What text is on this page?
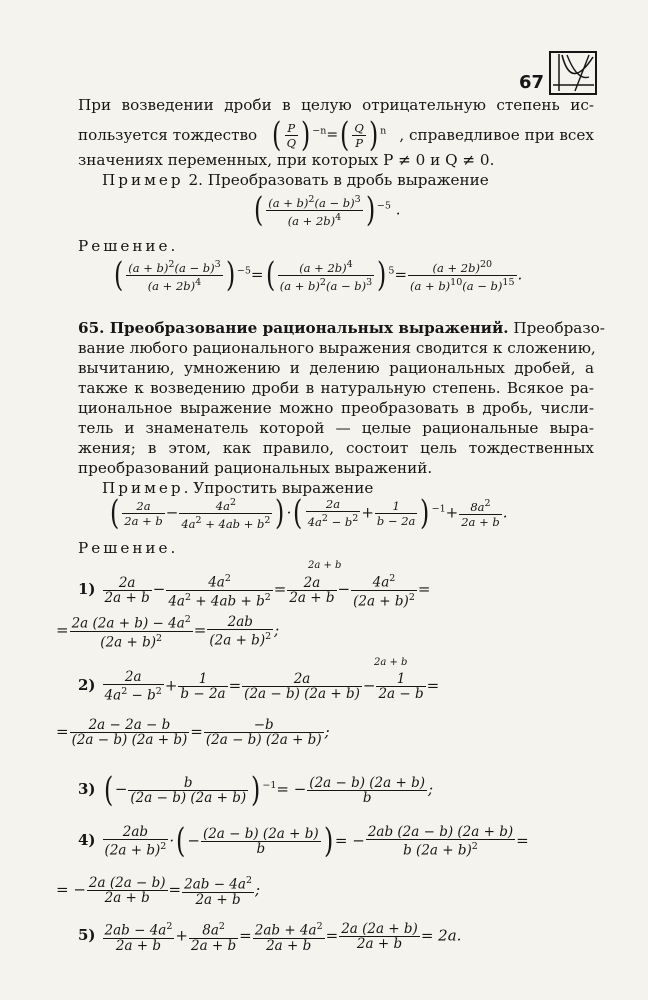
67
При возведении дроби в целую отрицательную степень ис-
пользуется тождество ( $\frac{P}{Q}$ ) $^{-n}=( \frac{Q}{P}$ ) $^n$ , справедливое при всех
значениях переменных, при которых P ≠ 0 и Q ≠ 0.
Пример 2. Преобразовать в дробь выражение
( $\frac{(a + b)^2(a - b)^3}{(a + 2b)^4}$ ) $^{-5}$ .
Решение.
( $\frac{(a + b)^2(a - b)^3}{(a + 2b)^4}$ ) $^{-5}=( \frac{(a + 2b)^4}{(a + b)^2(a - b)^3}$ ) $^5= \frac{(a + 2b)^{20}}{(a + b)^{10}(a - b)^{15}}$ .
65. Преобразование рациональных выражений. Преобразо-
вание любого рационального выражения сводится к сложению,
вычитанию, умножению и делению рациональных дробей, а
также к возведению дроби в натуральную степень. Всякое ра-
циональное выражение можно преобразовать в дробь, числи-
тель и знаменатель которой — целые рациональные выра-
жения; в этом, как правило, состоит цель тождественных
преобразований рациональных выражений.
Пример. Упростить выражение
( $\frac{2a}{2a + b} - \frac{4a^2}{4a^2 + 4ab + b^2}$ ) ·( $\frac{2a}{4a^2 - b^2} + \frac{1}{b - 2a}$ ) $^{-1}+ \frac{8a^2}{2a + b}$ .
Решение.
2a + b
$1) \frac{2a}{2a + b} - \frac{4a^2}{4a^2 + 4ab + b^2} = \frac{2a}{2a + b} - \frac{4a^2}{(2a + b)^2}$ =
= $\frac{2a (2a + b) - 4a^2}{(2a + b)^2} = \frac{2ab}{(2a + b)^2}$ ;
2a + b
$2) \frac{2a}{4a^2 - b^2} + \frac{1}{b - 2a} = \frac{2a}{(2a - b) (2a + b)} - \frac{1}{2a - b}$ =
= $\frac{2a - 2a - b}{(2a - b) (2a + b)} = \frac{-b}{(2a - b) (2a + b)}$ ;
3) ( − $\frac{b}{(2a - b) (2a + b)}$ ) $^{-1}= - \frac{(2a - b) (2a + b)}{b}$ ;
$4) \frac{2ab}{(2a + b)^2}$ ·( − $\frac{(2a - b) (2a + b)}{b}$ ) = − $\frac{2ab (2a - b) (2a + b)}{b (2a + b)^2}$ =
= − $\frac{2a (2a - b)}{2a + b} = \frac{2ab - 4a^2}{2a + b}$ ;
$5) \frac{2ab - 4a^2}{2a + b} + \frac{8a^2}{2a + b} = \frac{2ab + 4a^2}{2a + b} = \frac{2a (2a + b)}{2a + b} = 2a$.
